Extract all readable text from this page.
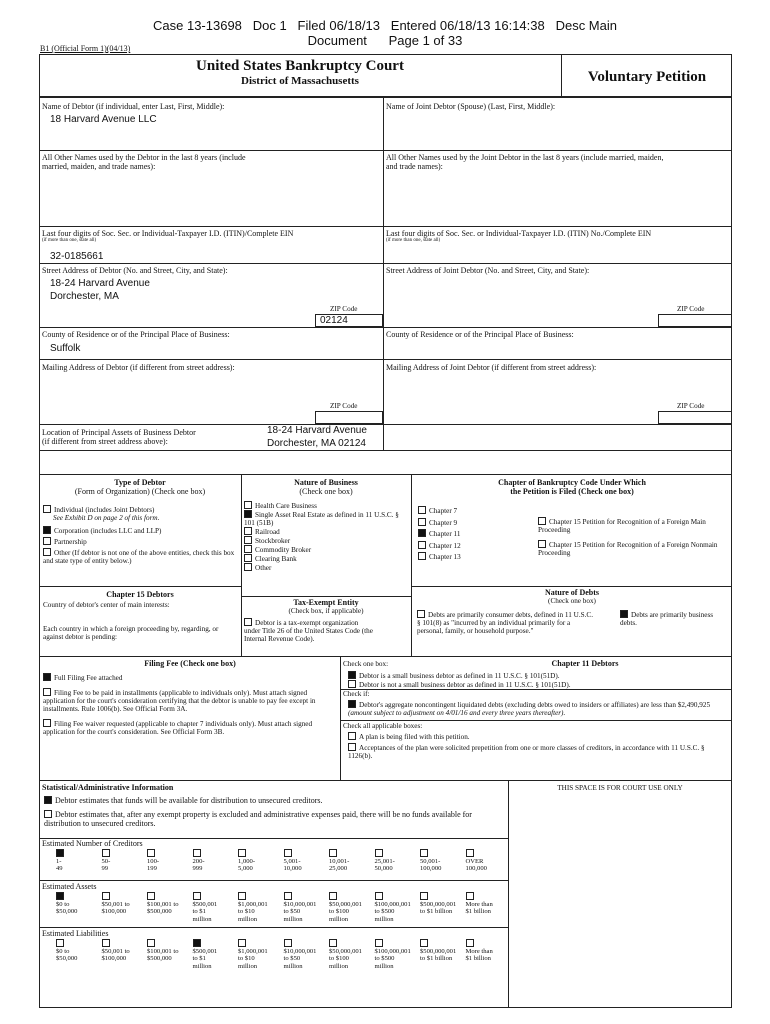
Case 13-13698   Doc 1   Filed 06/18/13   Entered 06/18/13 16:14:38   Desc Main
Document      Page 1 of 33
B1 (Official Form 1)(04/13)
United States Bankruptcy Court
District of Massachusetts	Voluntary Petition
Name of Debtor (if individual, enter Last, First, Middle):
18 Harvard Avenue LLC
Name of Joint Debtor (Spouse) (Last, First, Middle):
All Other Names used by the Debtor in the last 8 years (include married, maiden, and trade names):
All Other Names used by the Joint Debtor in the last 8 years (include married, maiden, and trade names):
Last four digits of Soc. Sec. or Individual-Taxpayer I.D. (ITIN)/Complete EIN
(if more than one, state all)
32-0185661
Last four digits of Soc. Sec. or Individual-Taxpayer I.D. (ITIN) No./Complete EIN
(if more than one, state all)
Street Address of Debtor (No. and Street, City, and State):
18-24 Harvard Avenue
Dorchester, MA
ZIP Code
02124
Street Address of Joint Debtor (No. and Street, City, and State):
ZIP Code
County of Residence or of the Principal Place of Business:
Suffolk
County of Residence or of the Principal Place of Business:
Mailing Address of Debtor (if different from street address):	Mailing Address of Joint Debtor (if different from street address):
ZIP Code	ZIP Code
Location of Principal Assets of Business Debtor
(if different from street address above):
18-24 Harvard Avenue
Dorchester, MA 02124
Type of Debtor
(Form of Organization) (Check one box)
Individual (includes Joint Debtors)
See Exhibit D on page 2 of this form.
Corporation (includes LLC and LLP)
Partnership
Other (If debtor is not one of the above entities, check this box and state type of entity below.)
Nature of Business
(Check one box)
Health Care Business
Single Asset Real Estate as defined in 11 U.S.C. § 101 (51B)
Railroad
Stockbroker
Commodity Broker
Clearing Bank
Other
Tax-Exempt Entity
(Check box, if applicable)
Debtor is a tax-exempt organization under Title 26 of the United States Code (the Internal Revenue Code).
Chapter of Bankruptcy Code Under Which
the Petition is Filed (Check one box)
Chapter 7
Chapter 9
Chapter 11
Chapter 12
Chapter 13
Chapter 15 Petition for Recognition of a Foreign Main Proceeding
Chapter 15 Petition for Recognition of a Foreign Nonmain Proceeding
Chapter 15 Debtors
Country of debtor's center of main interests:
Each country in which a foreign proceeding by, regarding, or against debtor is pending:
Nature of Debts
(Check one box)
Debts are primarily consumer debts, defined in 11 U.S.C. § 101(8) as "incurred by an individual primarily for a personal, family, or household purpose."
Debts are primarily business debts.
Filing Fee (Check one box)
Full Filing Fee attached
Filing Fee to be paid in installments (applicable to individuals only). Must attach signed application for the court's consideration certifying that the debtor is unable to pay fee except in installments. Rule 1006(b). See Official Form 3A.
Filing Fee waiver requested (applicable to chapter 7 individuals only). Must attach signed application for the court's consideration. See Official Form 3B.
Check one box:	Chapter 11 Debtors
Debtor is a small business debtor as defined in 11 U.S.C. § 101(51D).
Debtor is not a small business debtor as defined in 11 U.S.C. § 101(51D).
Check if:
Debtor's aggregate noncontingent liquidated debts (excluding debts owed to insiders or affiliates) are less than $2,490,925 (amount subject to adjustment on 4/01/16 and every three years thereafter).
Check all applicable boxes:
A plan is being filed with this petition.
Acceptances of the plan were solicited prepetition from one or more classes of creditors, in accordance with 11 U.S.C. § 1126(b).
Statistical/Administrative Information
Debtor estimates that funds will be available for distribution to unsecured creditors.
Debtor estimates that, after any exempt property is excluded and administrative expenses paid, there will be no funds available for distribution to unsecured creditors.
THIS SPACE IS FOR COURT USE ONLY
Estimated Number of Creditors
1-
49
50-
99
100-
199
200-
999
1,000-
5,000
5,001-
10,000
10,001-
25,000
25,001-
50,000
50,001-
100,000
OVER
100,000
Estimated Assets
$0 to
$50,000
$50,001 to
$100,000
$100,001 to
$500,000
$500,001
to $1
million
$1,000,001
to $10
million
$10,000,001
to $50
million
$50,000,001
to $100
million
$100,000,001
to $500
million
$500,000,001
to $1 billion
More than
$1 billion
Estimated Liabilities
$0 to
$50,000
$50,001 to
$100,000
$100,001 to
$500,000
$500,001
to $1
million
$1,000,001
to $10
million
$10,000,001
to $50
million
$50,000,001
to $100
million
$100,000,001
to $500
million
$500,000,001
to $1 billion
More than
$1 billion
